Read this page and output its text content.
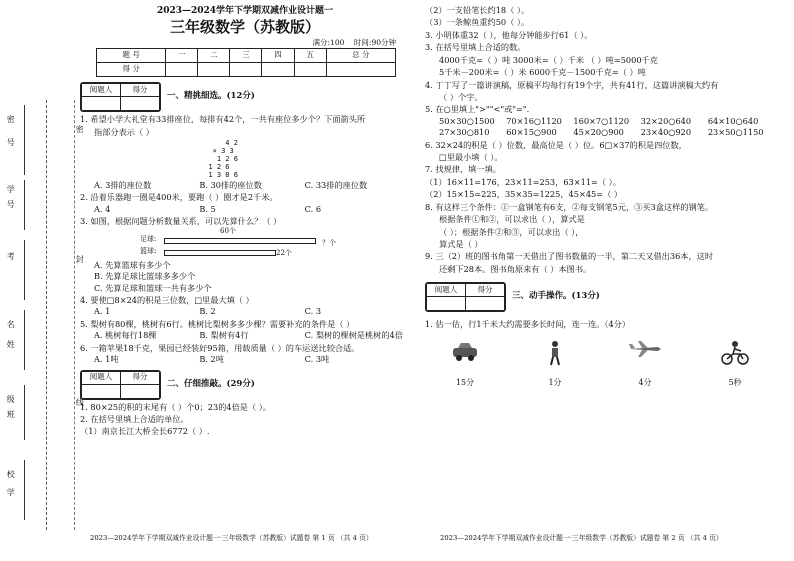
密
封
线
密
号
学
号
考
名
姓
级
班
校
学
2023—2024学年下学期双减作业设计题一
三年级数学（苏教版）
满分:100 时间:90分钟
题 号	一	二	三	四	五	总 分
得 分						
阅题人	得分

一、精挑细选。(12分)
1. 希望小学大礼堂有33排座位，每排有42个，一共有座位多少个？下面箭头所
指部分表示（ ）
4 2
× 3 3
1 2 6
1 2 6
1 3 8 6
A. 3排的座位数	B. 30排的座位数	C. 33排的座位数
2. 沿着乐器跑一圈是400米，要跑（ ）圈才是2千米。
A. 4	B. 5	C. 6
3. 如图，根据问题分析数量关系，可以先算什么？（ ）
60个
足球:
篮球:	22个
？个
A. 先算篮球有多少个
B. 先算足球比篮球多多少个
C. 先算足球和篮球一共有多少个
4. 要使□8×24的积是三位数，□里最大填（ ）
A. 1	B. 2	C. 3
5. 梨树有80棵，桃树有6行。桃树比梨树多多少棵？需要补充的条件是（ ）
A. 桃树每行18棵	B. 梨树有4行	C. 梨树的棵树是桃树的4倍
6. 一箱苹果18千克，果园已经装好95箱，用载质量（ ）的车运送比较合适。
A. 1吨	B. 2吨	C. 3吨
阅题人	得分

二、仔细推敲。(29分)
1. 80×25的积的末尾有（ ）个0；23的4倍是（ ）。
2. 在括号里填上合适的单位。
（1）南京长江大桥全长6772（ ）.
2023—2024学年下学期双减作业设计题一·三年级数学（苏教版）试题卷 第 1 页 （共 4 页）
（2）一支铅笔长约18（ ）。
（3）一条鲸鱼重约50（ ）。
3. 小明体重32（ ），他每分钟能步行61（ ）。
3. 在括号里填上合适的数。
4000千克=（ ）吨 3000米=（ ）千米 （ ）吨=5000千克
5千米－200米=（ ）米 6000千克－1500千克=（ ）吨
4. 丁丁写了一篇讲演稿，原稿平均每行有19个字，共有41行，这篇讲演稿大约有
（ ）个字。
5. 在○里填上">""<"或"=".
50×30○1500	70×16○1120	160×7○1120	32×20○640	64×10○640
27×30○810	60×15○900	45×20○900	23×40○920	23×50○1150
6. 32×24的积是（ ）位数，最高位是（ ）位。6□×37的积是四位数，
□里最小填（ ）。
7. 找规律，填一填。
（1）16×11=176，23×11=253，63×11=（ ）。
（2）15×15=225，35×35=1225，45×45=（ ）
8. 有这样三个条件：①一盒钢笔有6支，②每支钢笔5元，③买3盒这样的钢笔。
根据条件①和②，可以求出（ ），算式是
（ ）；根据条件②和③，可以求出（ ），
算式是（ ）
9. 三（2）班的图书角第一天借出了图书数量的一半，第二天又借出36本，这时
还剩下28本。图书角原来有（ ）本图书。
阅题人	得分

三、动手操作。(13分)
1. 估一估，行1千米大约需要多长时间，连一连。（4分）
15分	1分	4分	5秒
2023—2024学年下学期双减作业设计题一·三年级数学（苏教版）试题卷 第 2 页 （共 4 页）
